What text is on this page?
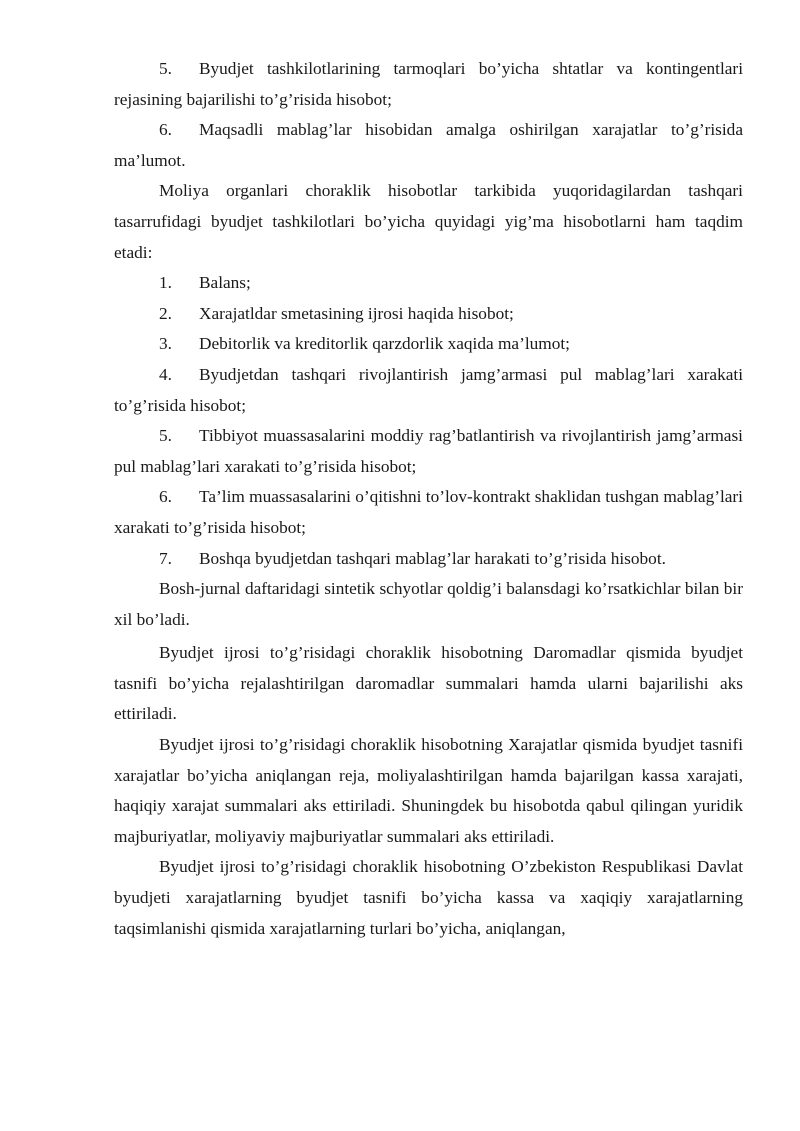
5. Byudjet tashkilotlarining tarmoqlari bo’yicha shtatlar va kontingentlari rejasining bajarilishi to’g’risida hisobot;

6. Maqsadli mablag’lar hisobidan amalga oshirilgan xarajatlar to’g’risida ma’lumot.

Moliya organlari choraklik hisobotlar tarkibida yuqoridagilardan tashqari tasarrufidagi byudjet tashkilotlari bo’yicha quyidagi yig’ma hisobotlarni ham taqdim etadi:

1. Balans;

2. Xarajatldar smetasining ijrosi haqida hisobot;

3. Debitorlik va kreditorlik qarzdorlik xaqida ma’lumot;

4. Byudjetdan tashqari rivojlantirish jamg’armasi pul mablag’lari xarakati to’g’risida hisobot;

5. Tibbiyot muassasalarini moddiy rag’batlantirish va rivojlantirish jamg’armasi pul mablag’lari xarakati to’g’risida hisobot;

6. Ta’lim muassasalarini o’qitishni to’lov-kontrakt shaklidan tushgan mablag’lari xarakati to’g’risida hisobot;

7. Boshqa byudjetdan tashqari mablag’lar harakati to’g’risida hisobot.

Bosh-jurnal daftaridagi sintetik schyotlar qoldig’i balansdagi ko’rsatkichlar bilan bir xil bo’ladi.

Byudjet ijrosi to’g’risidagi choraklik hisobotning Daromadlar qismida byudjet tasnifi bo’yicha rejalashtirilgan daromadlar summalari hamda ularni bajarilishi aks ettiriladi.

Byudjet ijrosi to’g’risidagi choraklik hisobotning Xarajatlar qismida byudjet tasnifi xarajatlar bo’yicha aniqlangan reja, moliyalashtirilgan hamda bajarilgan kassa xarajati, haqiqiy xarajat summalari aks ettiriladi. Shuningdek bu hisobotda qabul qilingan yuridik majburiyatlar, moliyaviy majburiyatlar summalari aks ettiriladi.

Byudjet ijrosi to’g’risidagi choraklik hisobotning O’zbekiston Respublikasi Davlat byudjeti xarajatlarning byudjet tasnifi bo’yicha kassa va xaqiqiy xarajatlarning taqsimlanishi qismida xarajatlarning turlari bo’yicha, aniqlangan,
